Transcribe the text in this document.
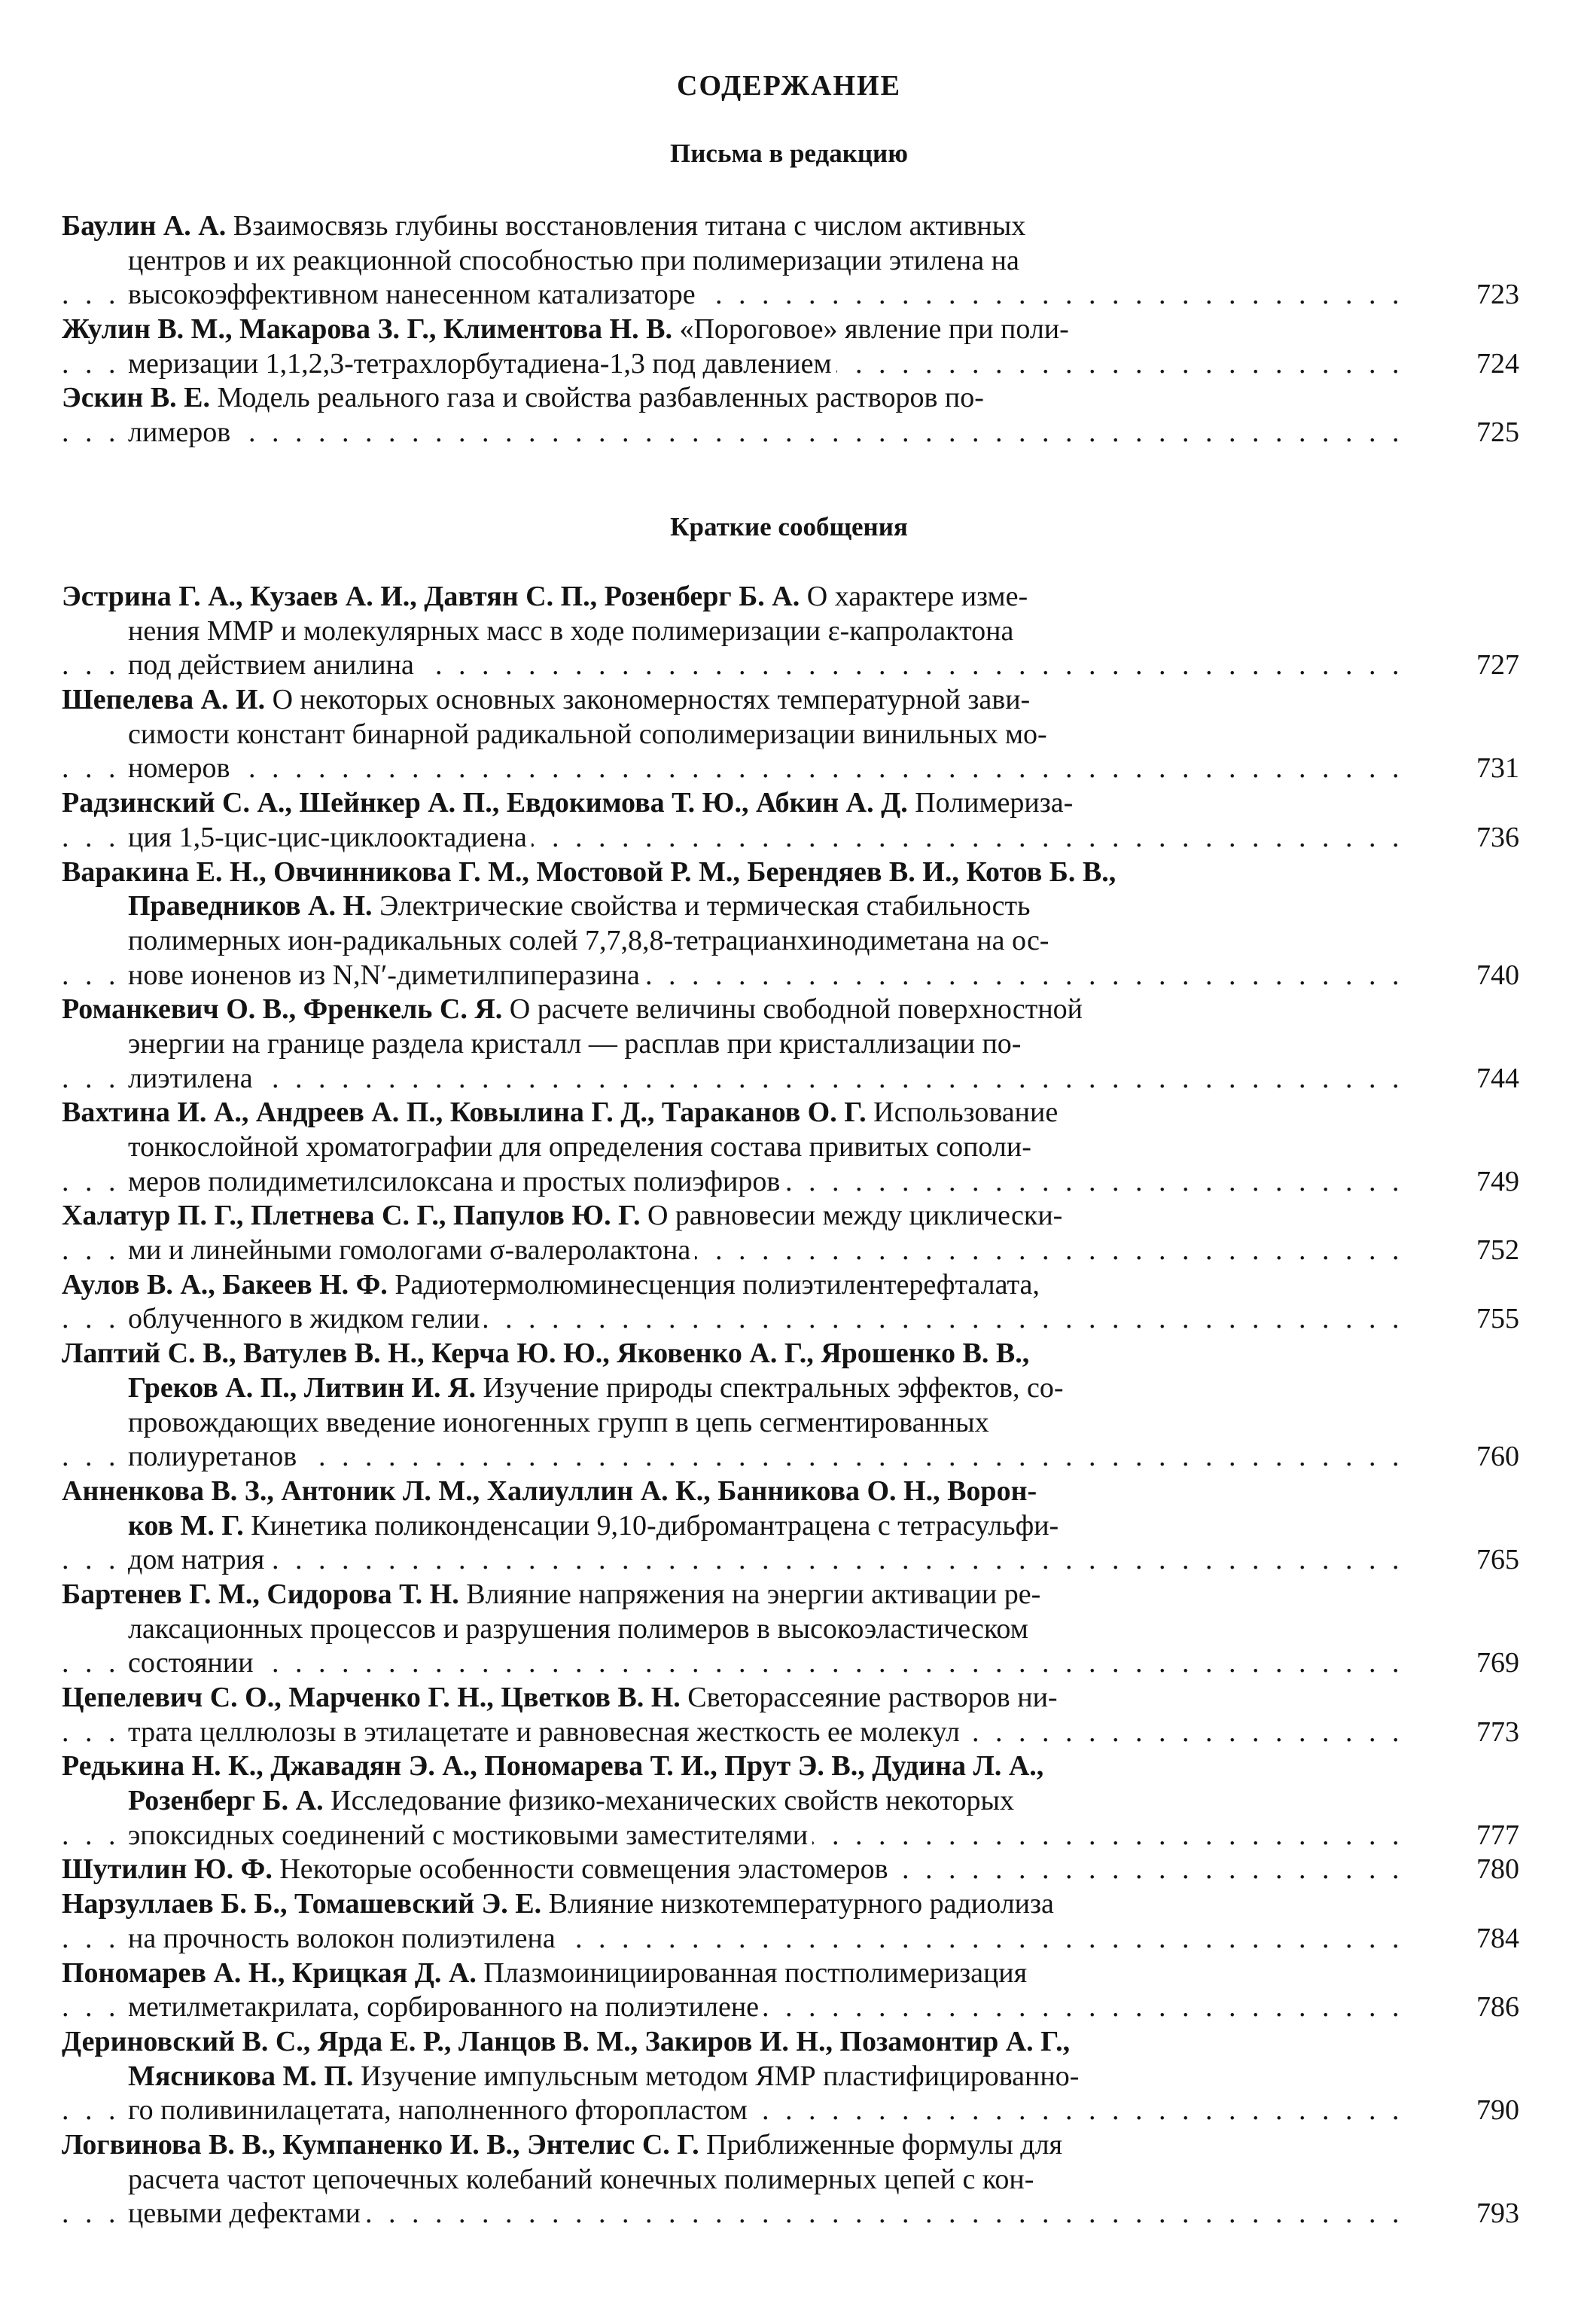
СОДЕРЖАНИЕ
Письма в редакцию
Баулин А. А. Взаимосвязь глубины восстановления титана с числом активных
центров и их реакционной способностью при полимеризации этилена на
высокоэффективном нанесенном катализаторе	723
. . .
Жулин В. М., Макарова З. Г., Климентова Н. В. «Пороговое» явление при поли-
меризации 1,1,2,3-тетрахлорбутадиена-1,3 под давлением	724
. . .
Эскин В. Е. Модель реального газа и свойства разбавленных растворов по-
лимеров	725
. . .
Краткие сообщения
Эстрина Г. А., Кузаев А. И., Давтян С. П., Розенберг Б. А. О характере изме-
нения ММР и молекулярных масс в ходе полимеризации ε-капролактона
под действием анилина	727
. . .
Шепелева А. И. О некоторых основных закономерностях температурной зави-
симости констант бинарной радикальной сополимеризации винильных мо-
номеров	731
. . .
Радзинский С. А., Шейнкер А. П., Евдокимова Т. Ю., Абкин А. Д. Полимериза-
ция 1,5-цис-цис-циклооктадиена	736
. . .
Варакина Е. Н., Овчинникова Г. М., Мостовой Р. М., Берендяев В. И., Котов Б. В.,
Праведников А. Н. Электрические свойства и термическая стабильность
полимерных ион-радикальных солей 7,7,8,8-тетрацианхинодиметана на ос-
нове ионенов из N,N′-диметилпиперазина	740
. . .
Романкевич О. В., Френкель С. Я. О расчете величины свободной поверхностной
энергии на границе раздела кристалл — расплав при кристаллизации по-
лиэтилена	744
. . .
Вахтина И. А., Андреев А. П., Ковылина Г. Д., Тараканов О. Г. Использование
тонкослойной хроматографии для определения состава привитых сополи-
меров полидиметилсилоксана и простых полиэфиров	749
. . .
Халатур П. Г., Плетнева С. Г., Папулов Ю. Г. О равновесии между циклически-
ми и линейными гомологами σ-валеролактона	752
. . .
Аулов В. А., Бакеев Н. Ф. Радиотермолюминесценция полиэтилентерефталата,
облученного в жидком гелии	755
. . .
Лаптий С. В., Ватулев В. Н., Керча Ю. Ю., Яковенко А. Г., Ярошенко В. В.,
Греков А. П., Литвин И. Я. Изучение природы спектральных эффектов, со-
провождающих введение ионогенных групп в цепь сегментированных
полиуретанов	760
. . .
Анненкова В. З., Антоник Л. М., Халиуллин А. К., Банникова О. Н., Ворон-
ков М. Г. Кинетика поликонденсации 9,10-дибромантрацена с тетрасульфи-
дом натрия	765
. . .
Бартенев Г. М., Сидорова Т. Н. Влияние напряжения на энергии активации ре-
лаксационных процессов и разрушения полимеров в высокоэластическом
состоянии	769
. . .
Цепелевич С. О., Марченко Г. Н., Цветков В. Н. Светорассеяние растворов ни-
трата целлюлозы в этилацетате и равновесная жесткость ее молекул	773
. . .
Редькина Н. К., Джавадян Э. А., Пономарева Т. И., Прут Э. В., Дудина Л. А.,
Розенберг Б. А. Исследование физико-механических свойств некоторых
эпоксидных соединений с мостиковыми заместителями	777
. . .
Шутилин Ю. Ф. Некоторые особенности совмещения эластомеров	780
. . .
Нарзуллаев Б. Б., Томашевский Э. Е. Влияние низкотемпературного радиолиза
на прочность волокон полиэтилена	784
. . .
Пономарев А. Н., Крицкая Д. А. Плазмоинициированная постполимеризация
метилметакрилата, сорбированного на полиэтилене	786
. . .
Дериновский В. С., Ярда Е. Р., Ланцов В. М., Закиров И. Н., Позамонтир А. Г.,
Мясникова М. П. Изучение импульсным методом ЯМР пластифицированно-
го поливинилацетата, наполненного фторопластом	790
. . .
Логвинова В. В., Кумпаненко И. В., Энтелис С. Г. Приближенные формулы для
расчета частот цепочечных колебаний конечных полимерных цепей с кон-
цевыми дефектами	793
. . .
